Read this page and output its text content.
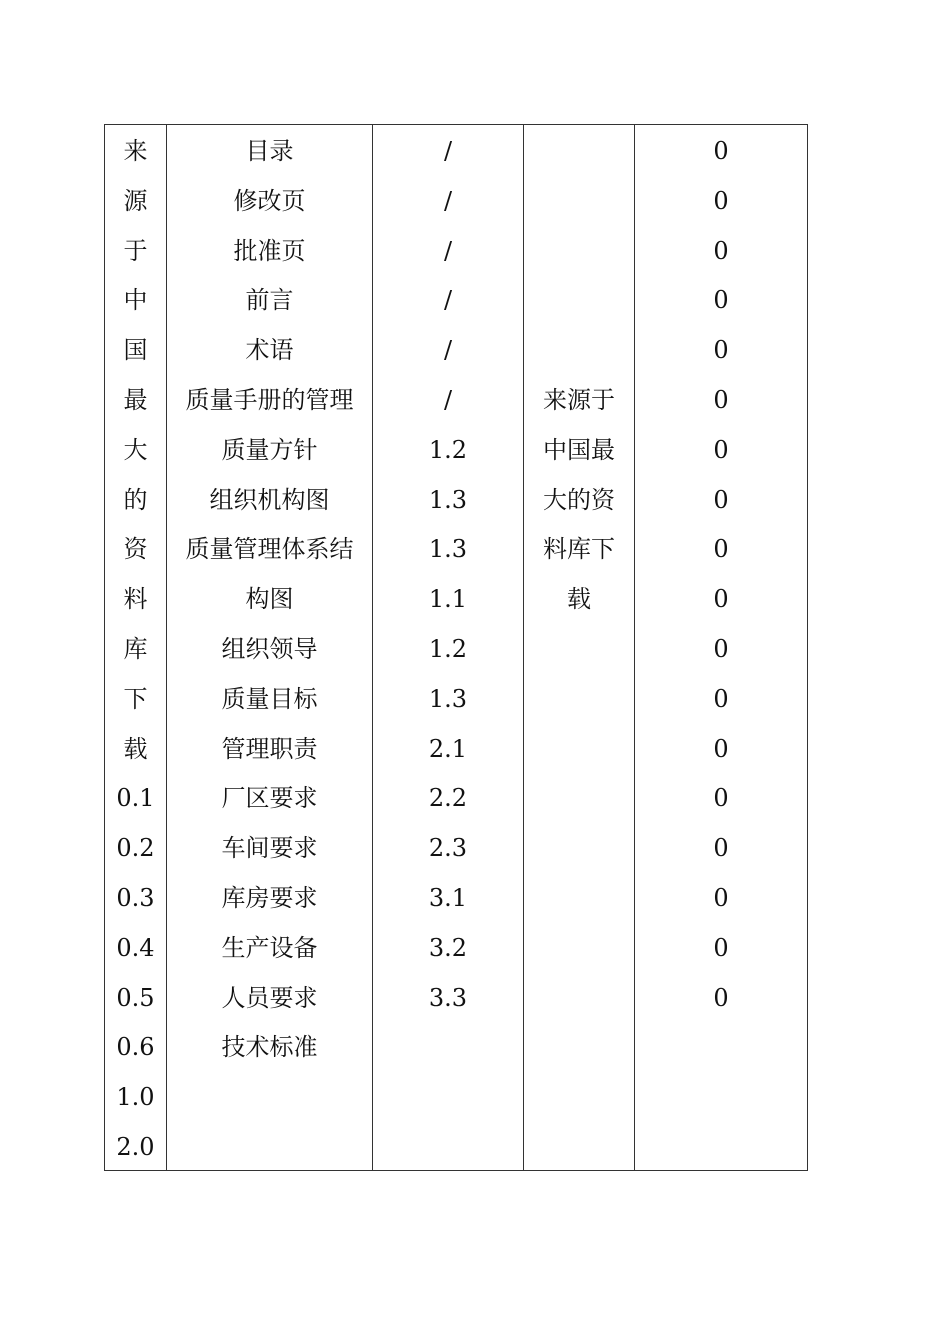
来
源
于
中
国
最
大
的
资
料
库
下
载
0.1
0.2
0.3
0.4
0.5
0.6
1.0
2.0
目录
修改页
批准页
前言
术语
质量手册的管理
质量方针
组织机构图
质量管理体系结
构图
组织领导
质量目标
管理职责
厂区要求
车间要求
库房要求
生产设备
人员要求
技术标准
/
/
/
/
/
/
1.2
1.3
1.3
1.1
1.2
1.3
2.1
2.2
2.3
3.1
3.2
3.3
来源于
中国最
大的资
料库下
载
0
0
0
0
0
0
0
0
0
0
0
0
0
0
0
0
0
0
